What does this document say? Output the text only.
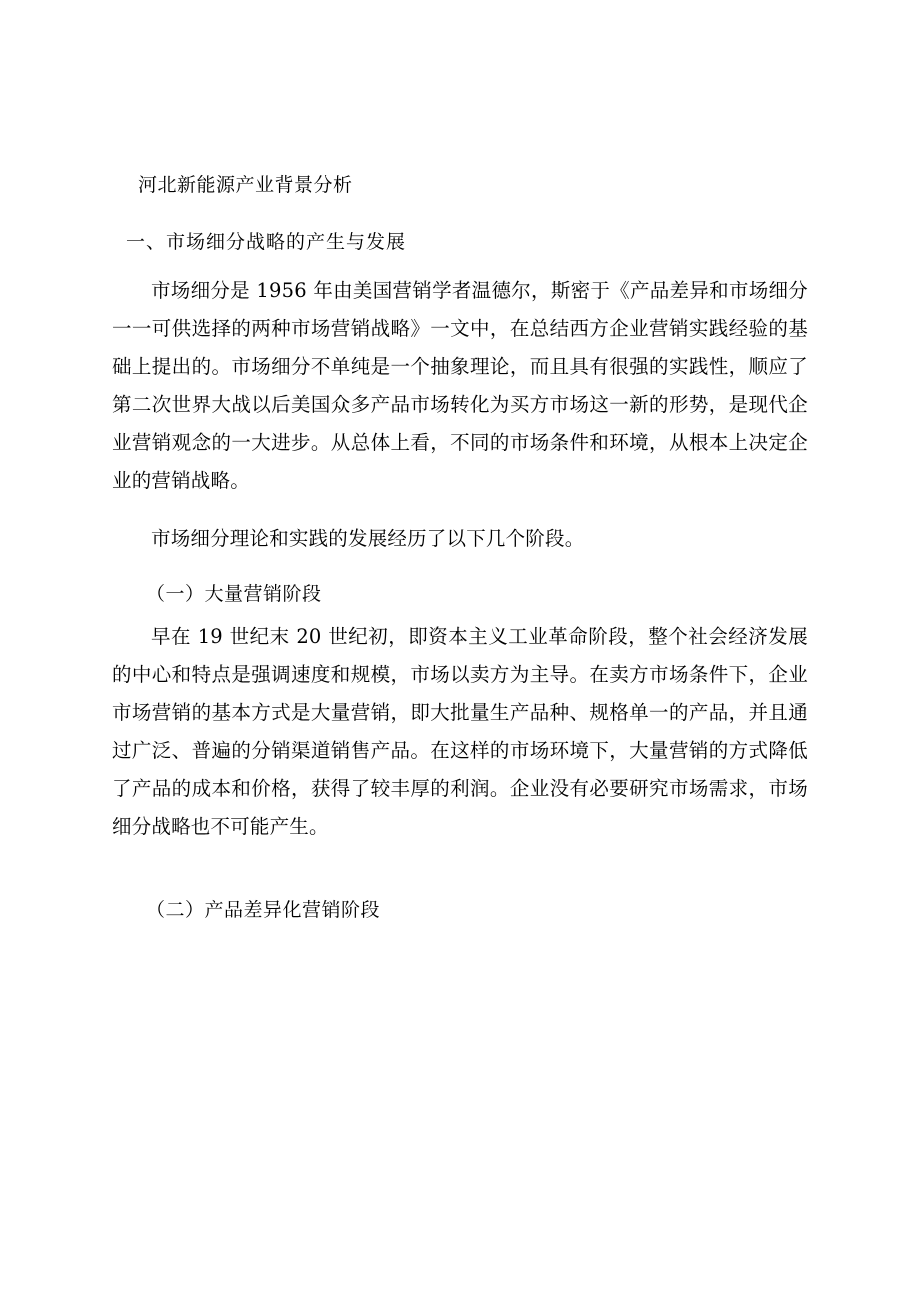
河北新能源产业背景分析
一、市场细分战略的产生与发展

市场细分是 1956 年由美国营销学者温德尔，斯密于《产品差异和市场细分一一可供选择的两种市场营销战略》一文中，在总结西方企业营销实践经验的基础上提出的。市场细分不单纯是一个抽象理论，而且具有很强的实践性，顺应了第二次世界大战以后美国众多产品市场转化为买方市场这一新的形势，是现代企业营销观念的一大进步。从总体上看，不同的市场条件和环境，从根本上决定企业的营销战略。

市场细分理论和实践的发展经历了以下几个阶段。

（一）大量营销阶段

早在 19 世纪末 20 世纪初，即资本主义工业革命阶段，整个社会经济发展的中心和特点是强调速度和规模，市场以卖方为主导。在卖方市场条件下，企业市场营销的基本方式是大量营销，即大批量生产品种、规格单一的产品，并且通过广泛、普遍的分销渠道销售产品。在这样的市场环境下，大量营销的方式降低了产品的成本和价格，获得了较丰厚的利润。企业没有必要研究市场需求，市场细分战略也不可能产生。

（二）产品差异化营销阶段
